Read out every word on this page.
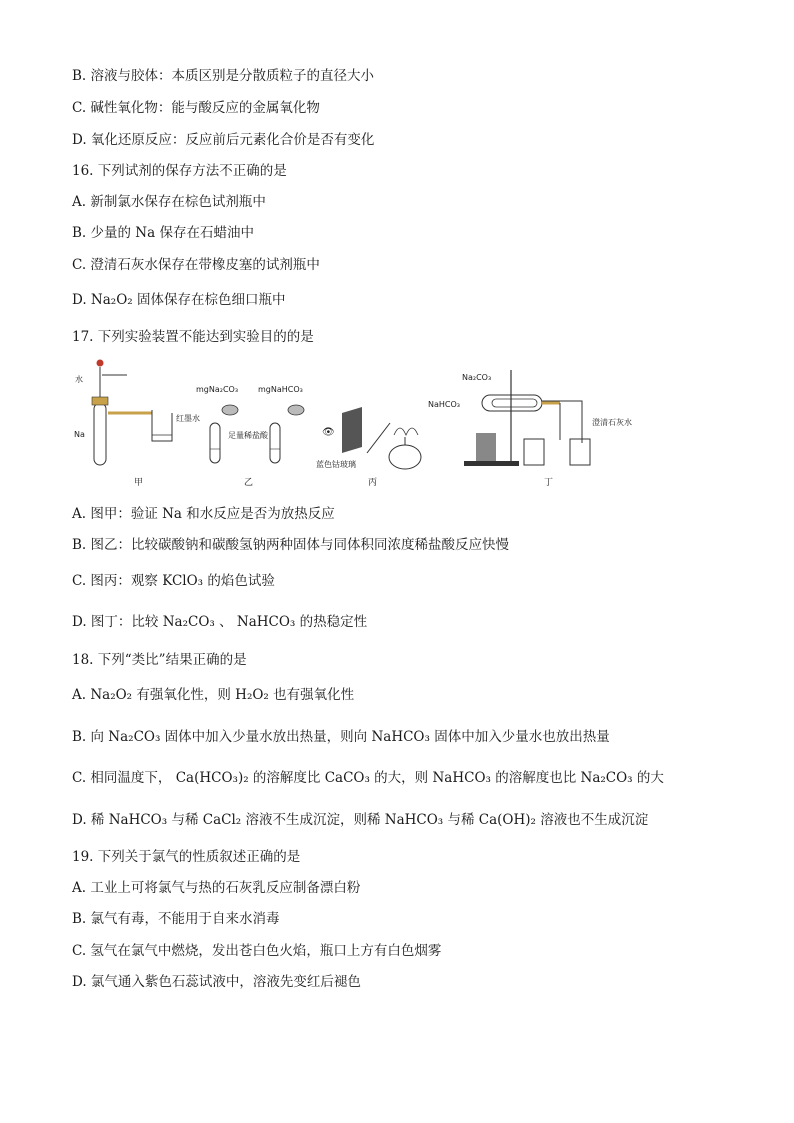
B. 溶液与胶体：本质区别是分散质粒子的直径大小
C. 碱性氧化物：能与酸反应的金属氧化物
D. 氧化还原反应：反应前后元素化合价是否有变化
16. 下列试剂的保存方法不正确的是
A. 新制氯水保存在棕色试剂瓶中
B. 少量的 Na 保存在石蜡油中
C. 澄清石灰水保存在带橡皮塞的试剂瓶中
D. Na₂O₂ 固体保存在棕色细口瓶中
17. 下列实验装置不能达到实验目的的是
水
Na
红墨水
甲
mgNa₂CO₃ mgNaHCO₃
足量稀盐酸
乙
👁
蓝色钴玻璃
丙
Na₂CO₃
NaHCO₃
澄清石灰水
丁
A. 图甲：验证 Na 和水反应是否为放热反应
B. 图乙：比较碳酸钠和碳酸氢钠两种固体与同体积同浓度稀盐酸反应快慢
C. 图丙：观察 KClO₃ 的焰色试验
D. 图丁：比较 Na₂CO₃ 、 NaHCO₃ 的热稳定性
18. 下列“类比”结果正确的是
A. Na₂O₂ 有强氧化性，则 H₂O₂ 也有强氧化性
B. 向 Na₂CO₃ 固体中加入少量水放出热量，则向 NaHCO₃ 固体中加入少量水也放出热量
C. 相同温度下， Ca(HCO₃)₂ 的溶解度比 CaCO₃ 的大，则 NaHCO₃ 的溶解度也比 Na₂CO₃ 的大
D. 稀 NaHCO₃ 与稀 CaCl₂ 溶液不生成沉淀，则稀 NaHCO₃ 与稀 Ca(OH)₂ 溶液也不生成沉淀
19. 下列关于氯气的性质叙述正确的是
A. 工业上可将氯气与热的石灰乳反应制备漂白粉
B. 氯气有毒，不能用于自来水消毒
C. 氢气在氯气中燃烧，发出苍白色火焰，瓶口上方有白色烟雾
D. 氯气通入紫色石蕊试液中，溶液先变红后褪色
